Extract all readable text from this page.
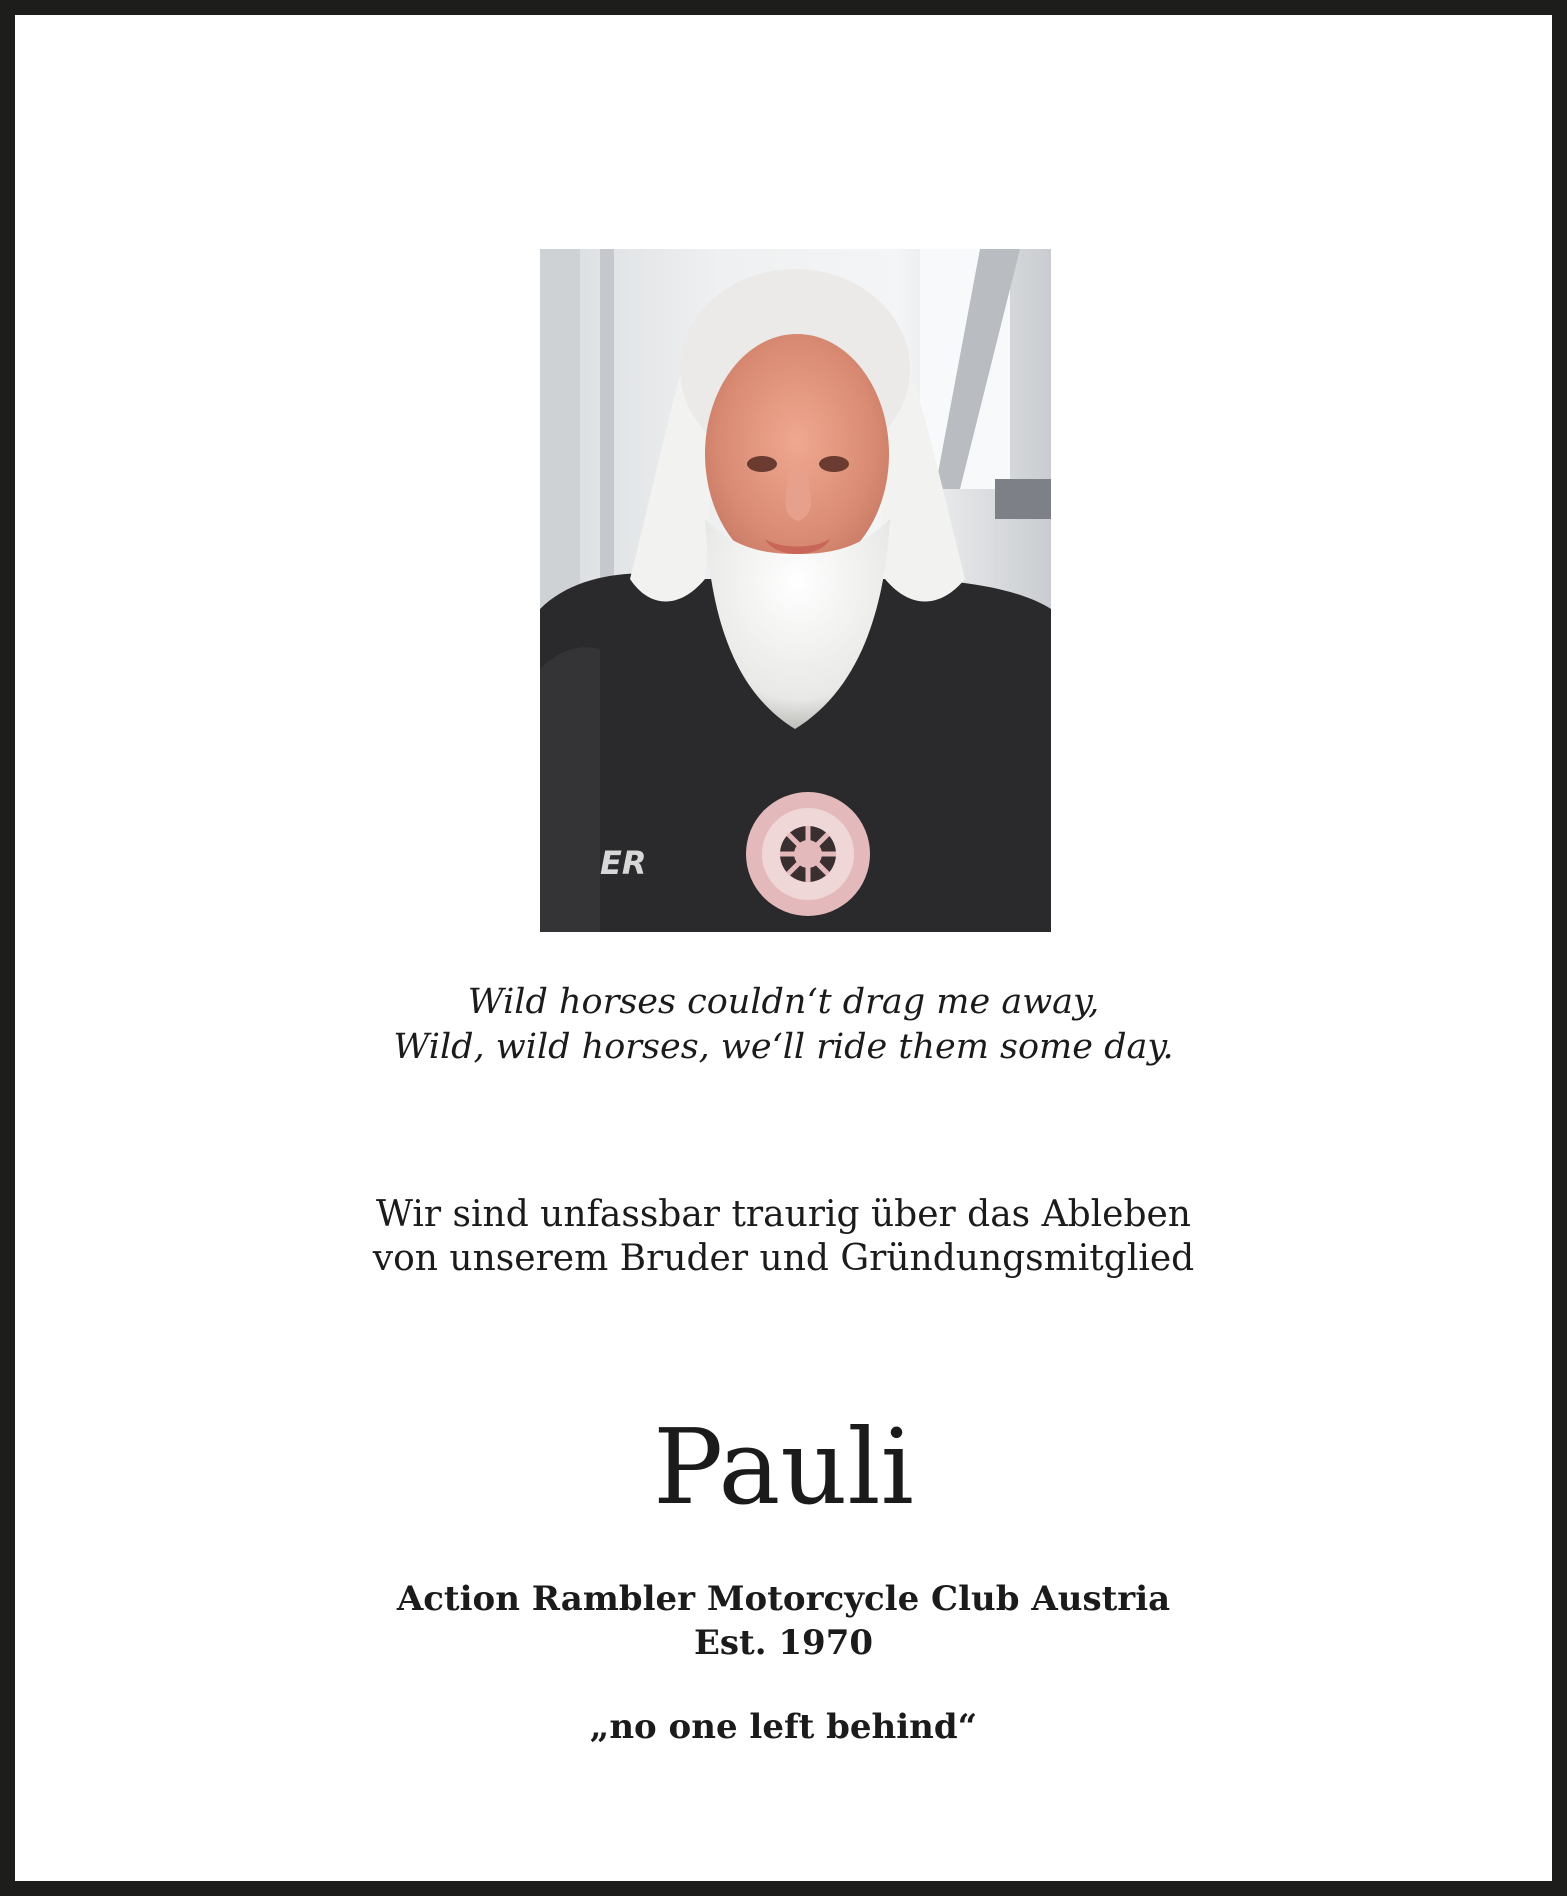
ER
Wild horses couldn‘t drag me away,
Wild, wild horses, we‘ll ride them some day.
Wir sind unfassbar traurig über das Ableben
von unserem Bruder und Gründungsmitglied
Pauli
Action Rambler Motorcycle Club Austria
Est. 1970
„no one left behind“
